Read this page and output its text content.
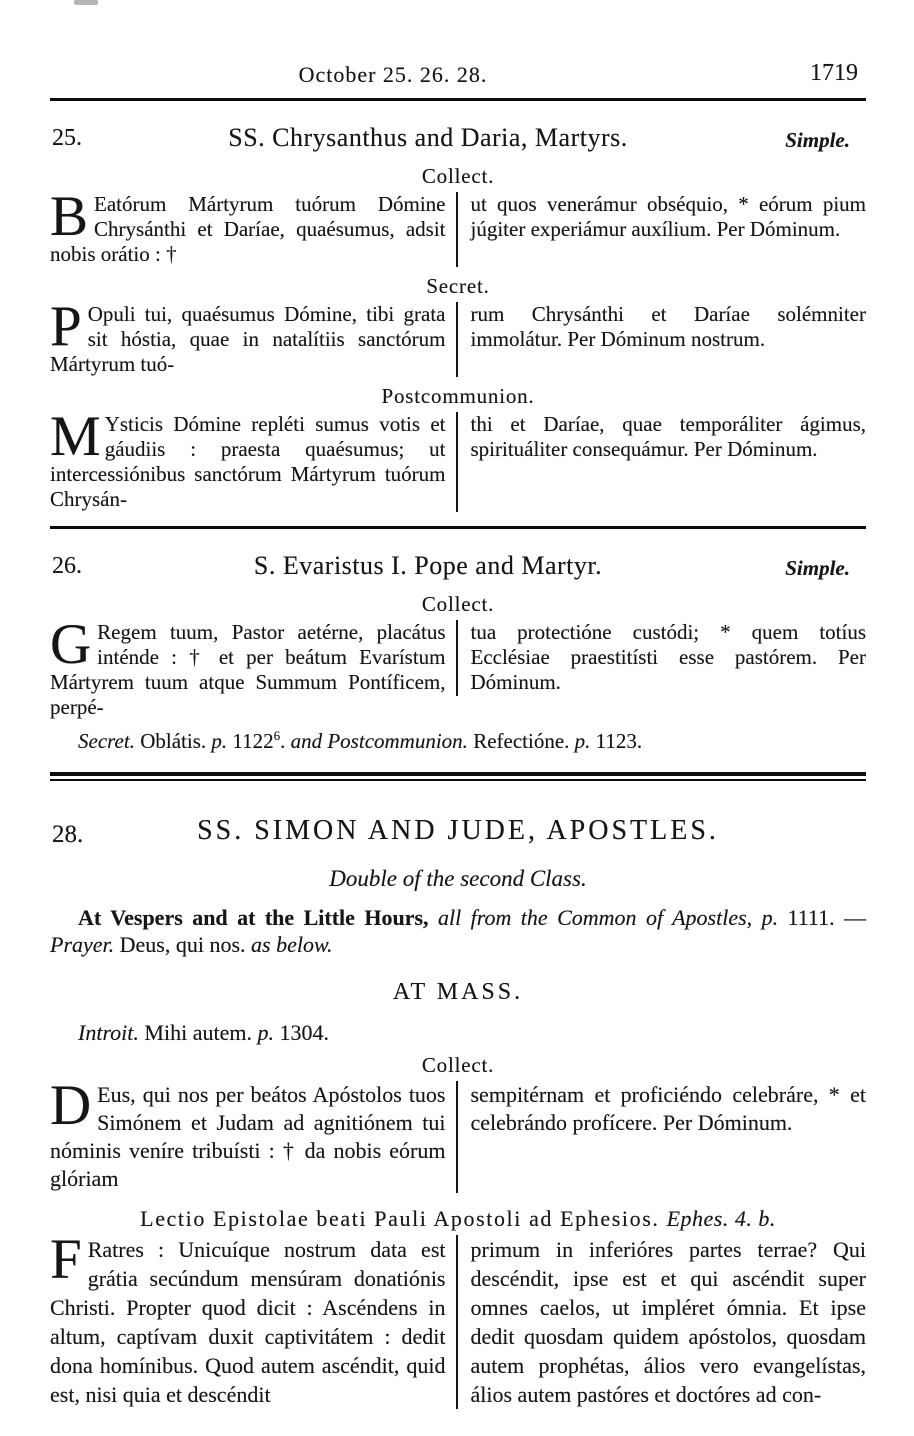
October 25. 26. 28.	1719
25.	SS. Chrysanthus and Daria, Martyrs.	Simple.
Collect.
B Eatórum Mártyrum tuórum Dómine Chrysánthi et Daríae, quaésumus, adsit nobis orátio : †
ut quos venerámur obséquio, * eórum pium júgiter experiámur auxílium. Per Dóminum.
Secret.
P Opuli tui, quaésumus Dómine, tibi grata sit hóstia, quae in natalítiis sanctórum Mártyrum tuó-
rum Chrysánthi et Daríae solémniter immolátur. Per Dóminum nostrum.
Postcommunion.
M Ysticis Dómine repléti sumus votis et gáudiis : praesta quaésumus; ut intercessiónibus sanctórum Mártyrum tuórum Chrysán-
thi et Daríae, quae temporáliter ágimus, spirituáliter consequámur. Per Dóminum.
26.	S. Evaristus I. Pope and Martyr.	Simple.
Collect.
G Regem tuum, Pastor aetérne, placátus inténde : † et per beátum Evarístum Mártyrem tuum atque Summum Pontíficem, perpé-
tua protectióne custódi; * quem totíus Ecclésiae praestitísti esse pastórem. Per Dóminum.
Secret. Oblátis. p. 1122$^6$. and Postcommunion. Refectióne. p. 1123.
28.	SS. SIMON AND JUDE, APOSTLES.
Double of the second Class.
At Vespers and at the Little Hours, all from the Common of Apostles, p. 1111. — Prayer. Deus, qui nos. as below.
AT MASS.
Introit. Mihi autem. p. 1304.
Collect.
D Eus, qui nos per beátos Apóstolos tuos Simónem et Judam ad agnitiónem tui nóminis veníre tribuísti : † da nobis eórum glóriam
sempitérnam et proficiéndo celebráre, * et celebrándo profícere. Per Dóminum.
Lectio Epistolae beati Pauli Apostoli ad Ephesios. Ephes. 4. b.
F Ratres : Unicuíque nostrum data est grátia secúndum mensúram donatiónis Christi. Propter quod dicit : Ascéndens in altum, captívam duxit captivitátem : dedit dona homínibus. Quod autem ascéndit, quid est, nisi quia et descéndit
primum in inferióres partes terrae? Qui descéndit, ipse est et qui ascéndit super omnes caelos, ut impléret ómnia. Et ipse dedit quosdam quidem apóstolos, quosdam autem prophétas, álios vero evangelístas, álios autem pastóres et doctóres ad con-
